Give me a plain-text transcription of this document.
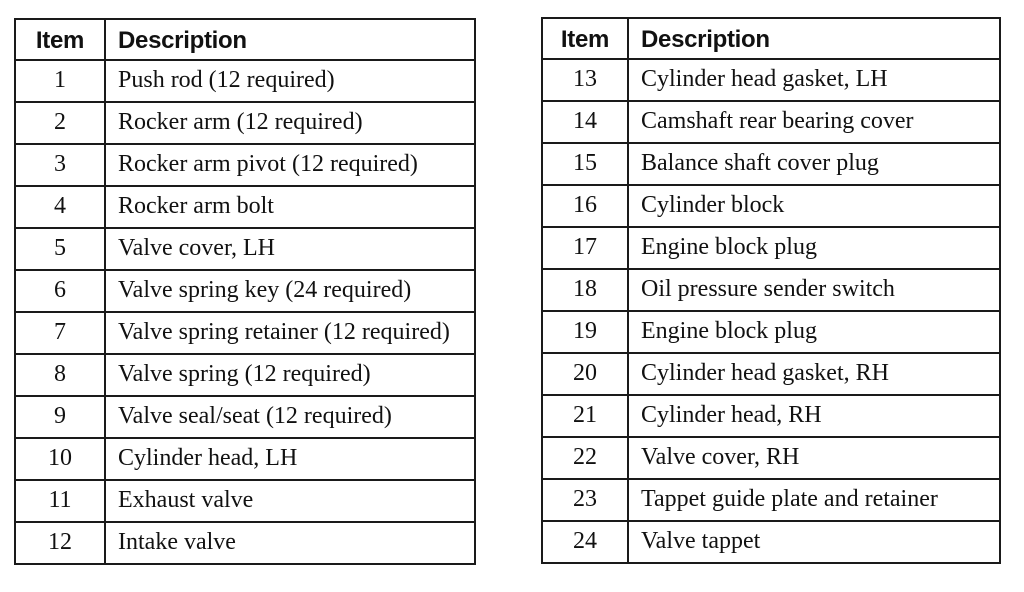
Item	Description
1	Push rod (12 required)
2	Rocker arm (12 required)
3	Rocker arm pivot (12 required)
4	Rocker arm bolt
5	Valve cover, LH
6	Valve spring key (24 required)
7	Valve spring retainer (12 required)
8	Valve spring (12 required)
9	Valve seal/seat (12 required)
10	Cylinder head, LH
11	Exhaust valve
12	Intake valve
Item	Description
13	Cylinder head gasket, LH
14	Camshaft rear bearing cover
15	Balance shaft cover plug
16	Cylinder block
17	Engine block plug
18	Oil pressure sender switch
19	Engine block plug
20	Cylinder head gasket, RH
21	Cylinder head, RH
22	Valve cover, RH
23	Tappet guide plate and retainer
24	Valve tappet
